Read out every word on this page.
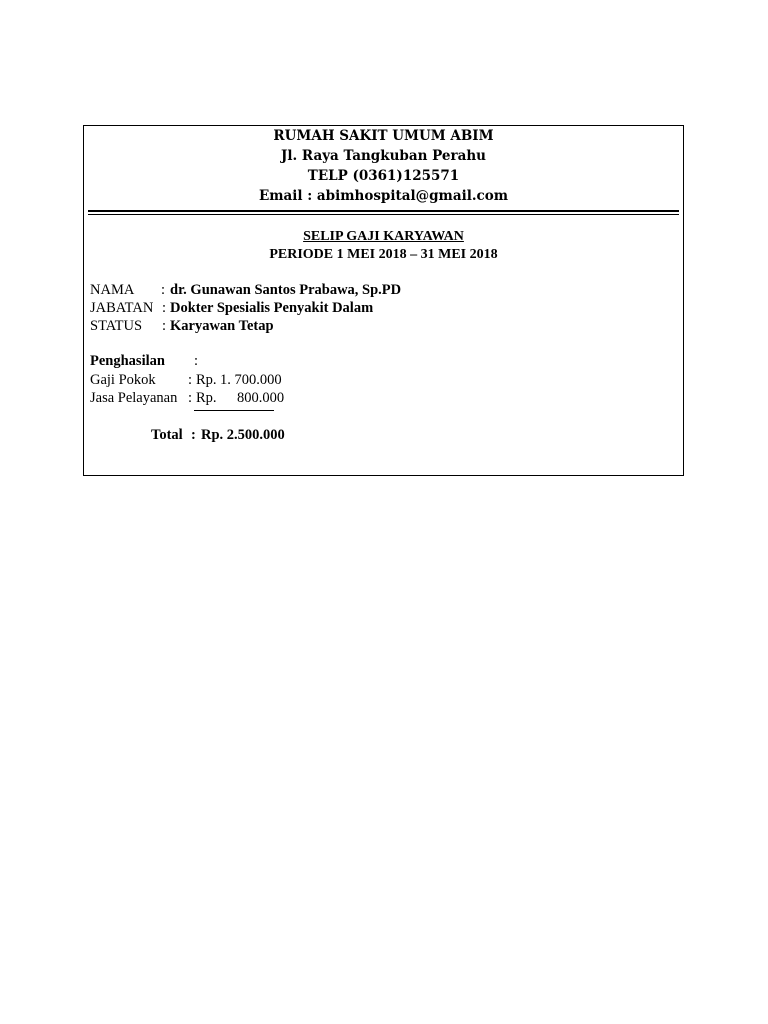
RUMAH SAKIT UMUM ABIM
Jl. Raya Tangkuban Perahu
TELP (0361)125571
Email : abimhospital@gmail.com
SELIP GAJI KARYAWAN
PERIODE 1 MEI 2018 – 31 MEI 2018
NAMA : dr. Gunawan Santos Prabawa, Sp.PD
JABATAN : Dokter Spesialis Penyakit Dalam
STATUS : Karyawan Tetap
Penghasilan :
Gaji Pokok : Rp. 1. 700.000
Jasa Pelayanan : Rp. 800.000
Total : Rp. 2.500.000
